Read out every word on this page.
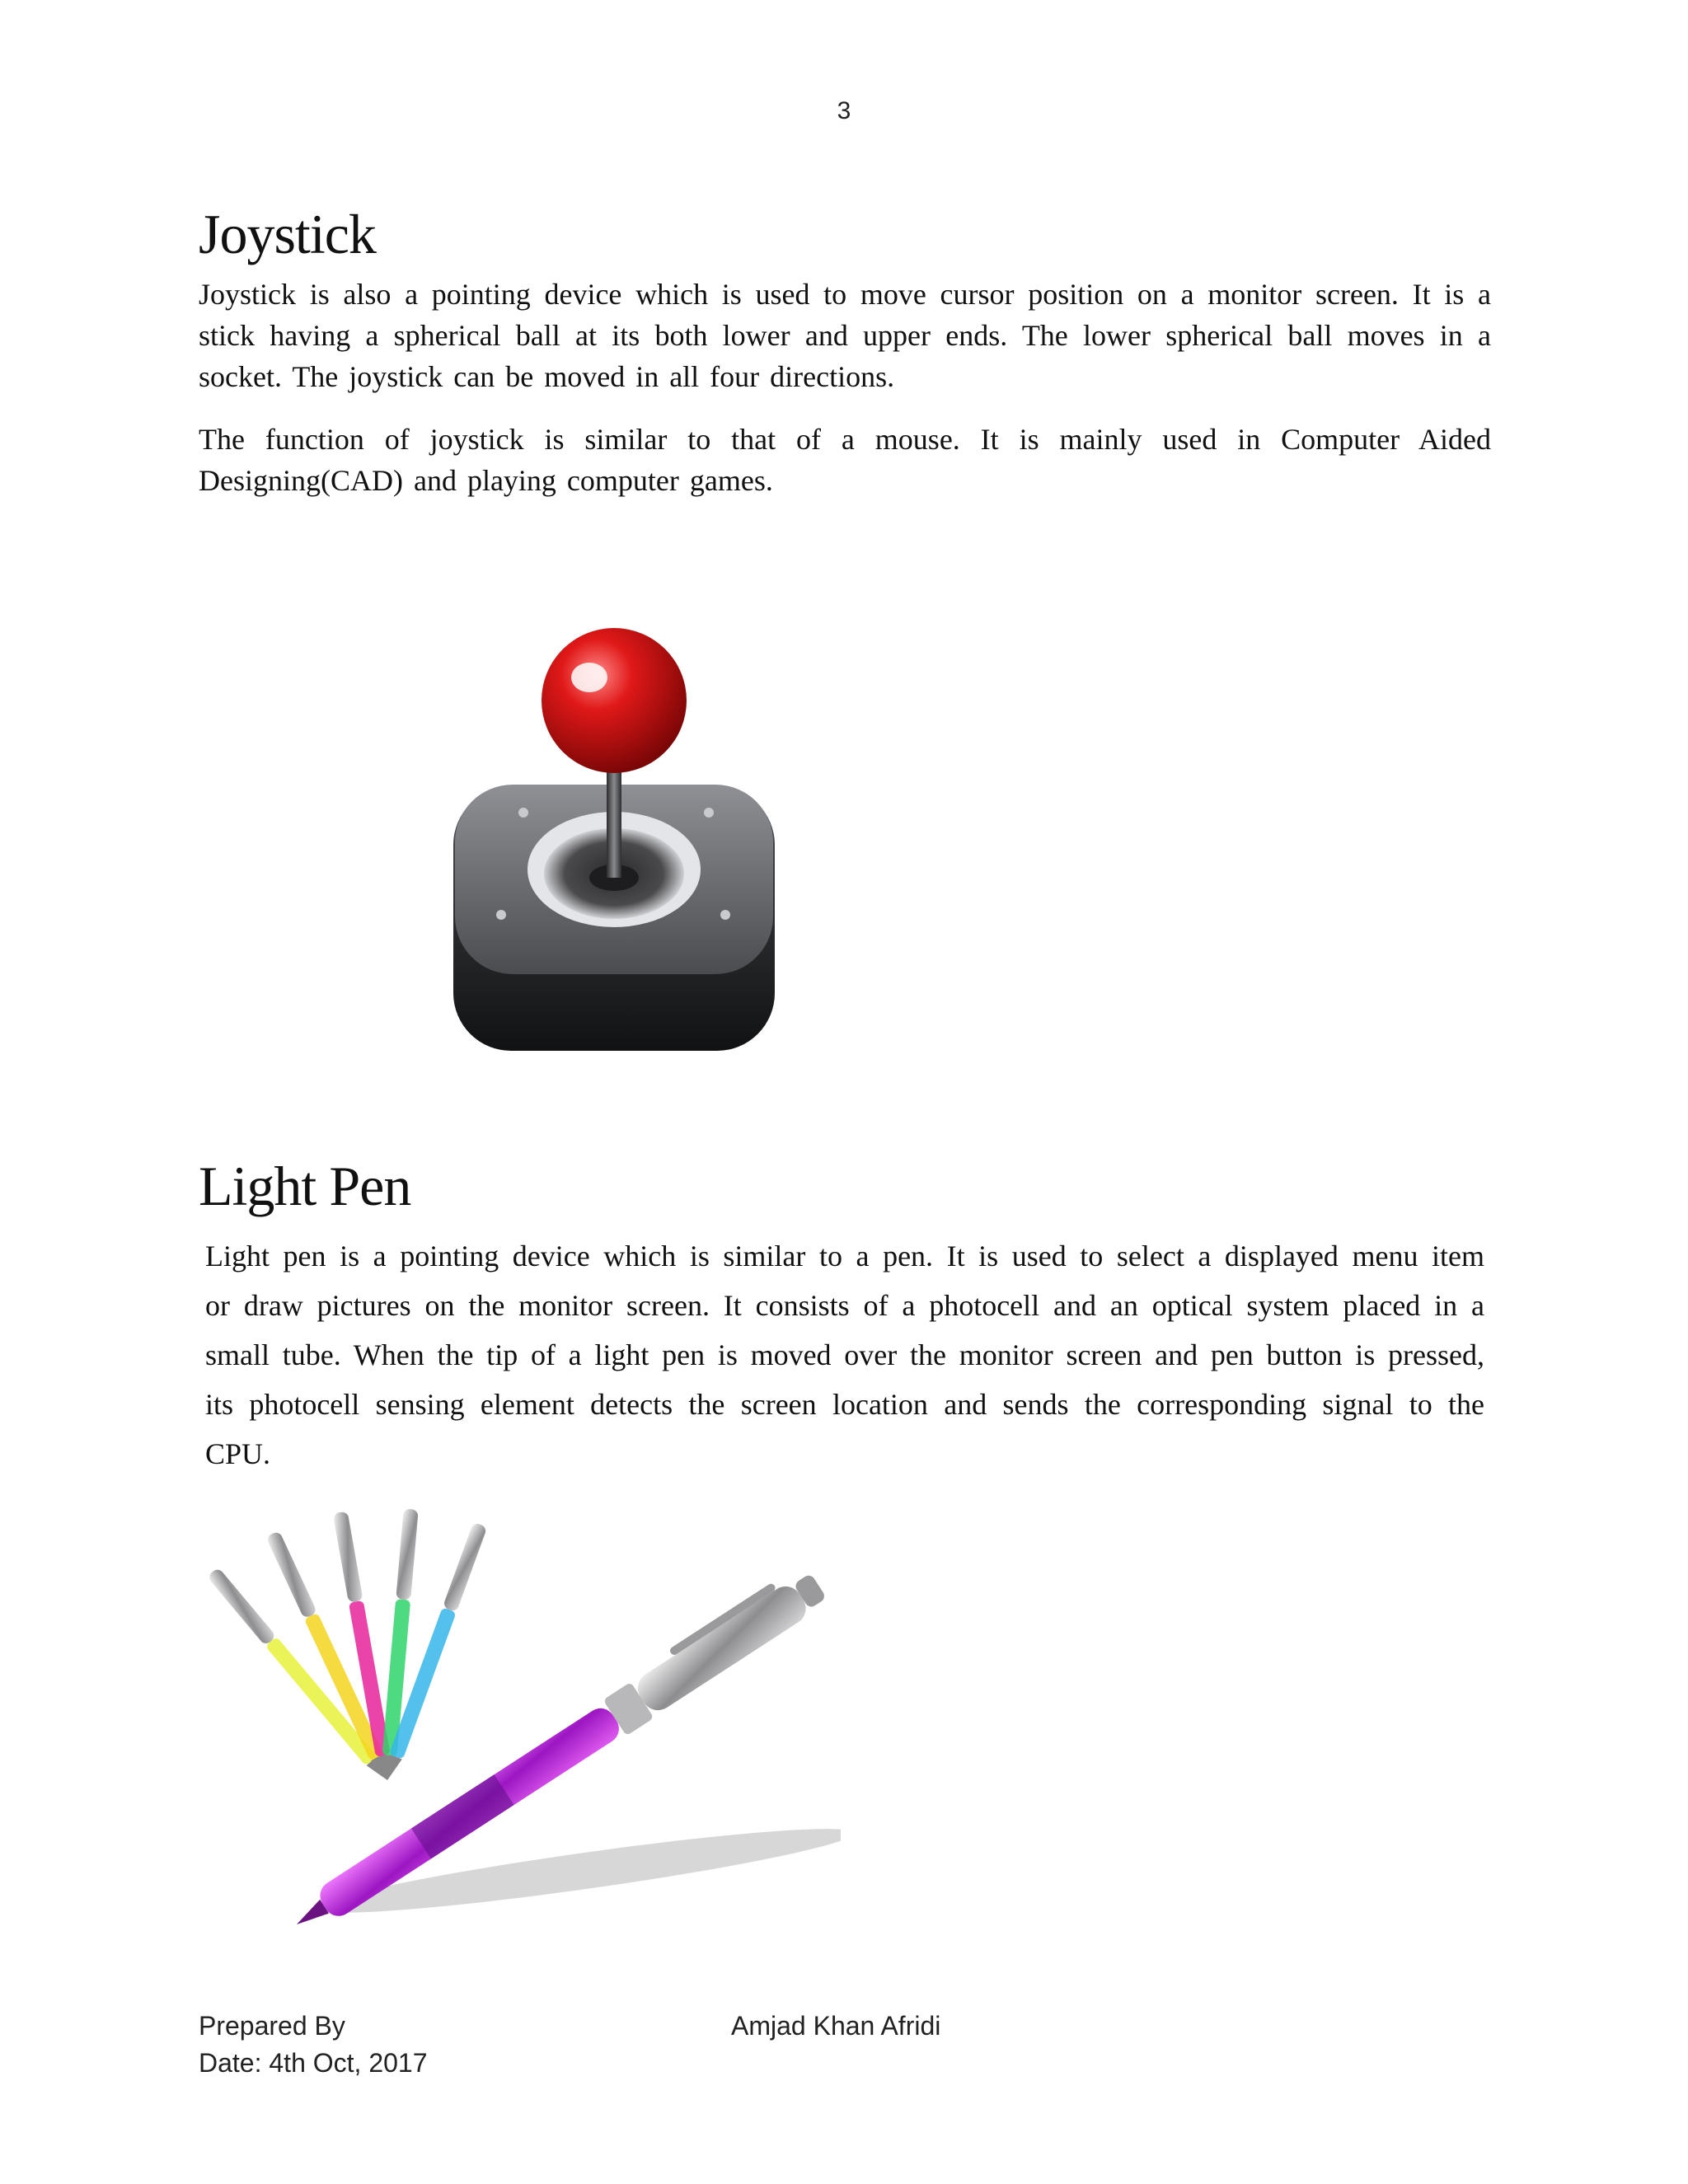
3
Joystick

Joystick is also a pointing device which is used to move cursor position on a monitor screen. It is a stick having a spherical ball at its both lower and upper ends. The lower spherical ball moves in a socket. The joystick can be moved in all four directions.

The function of joystick is similar to that of a mouse. It is mainly used in Computer Aided Designing(CAD) and playing computer games.

Light Pen

Light pen is a pointing device which is similar to a pen. It is used to select a displayed menu item or draw pictures on the monitor screen. It consists of a photocell and an optical system placed in a small tube. When the tip of a light pen is moved over the monitor screen and pen button is pressed, its photocell sensing element detects the screen location and sends the corresponding signal to the CPU.

Prepared By	Amjad Khan Afridi
Date: 4th Oct, 2017
